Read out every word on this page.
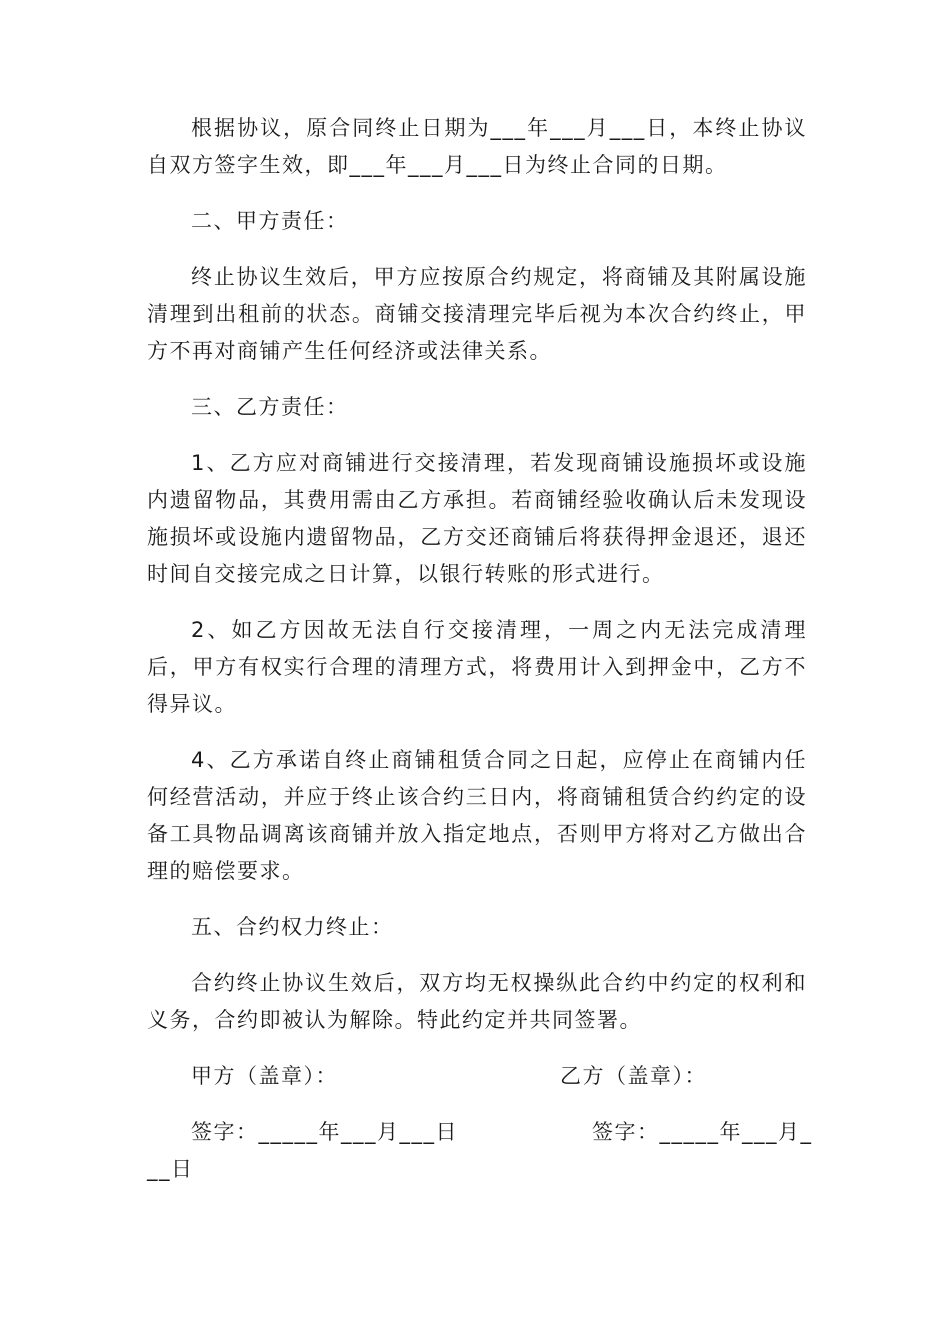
根据协议，原合同终止日期为___年___月___日，本终止协议自双方签字生效，即___年___月___日为终止合同的日期。

二、甲方责任：

终止协议生效后，甲方应按原合约规定，将商铺及其附属设施清理到出租前的状态。商铺交接清理完毕后视为本次合约终止，甲方不再对商铺产生任何经济或法律关系。

三、乙方责任：

1、乙方应对商铺进行交接清理，若发现商铺设施损坏或设施内遗留物品，其费用需由乙方承担。若商铺经验收确认后未发现设施损坏或设施内遗留物品，乙方交还商铺后将获得押金退还，退还时间自交接完成之日计算，以银行转账的形式进行。

2、如乙方因故无法自行交接清理，一周之内无法完成清理后，甲方有权实行合理的清理方式，将费用计入到押金中，乙方不得异议。

4、乙方承诺自终止商铺租赁合同之日起，应停止在商铺内任何经营活动，并应于终止该合约三日内，将商铺租赁合约约定的设备工具物品调离该商铺并放入指定地点，否则甲方将对乙方做出合理的赔偿要求。

五、合约权力终止：

合约终止协议生效后，双方均无权操纵此合约中约定的权利和义务，合约即被认为解除。特此约定并共同签署。

甲方（盖章）：	乙方（盖章）：
签字：_____年___月___日	签字：_____年___月_
__日
